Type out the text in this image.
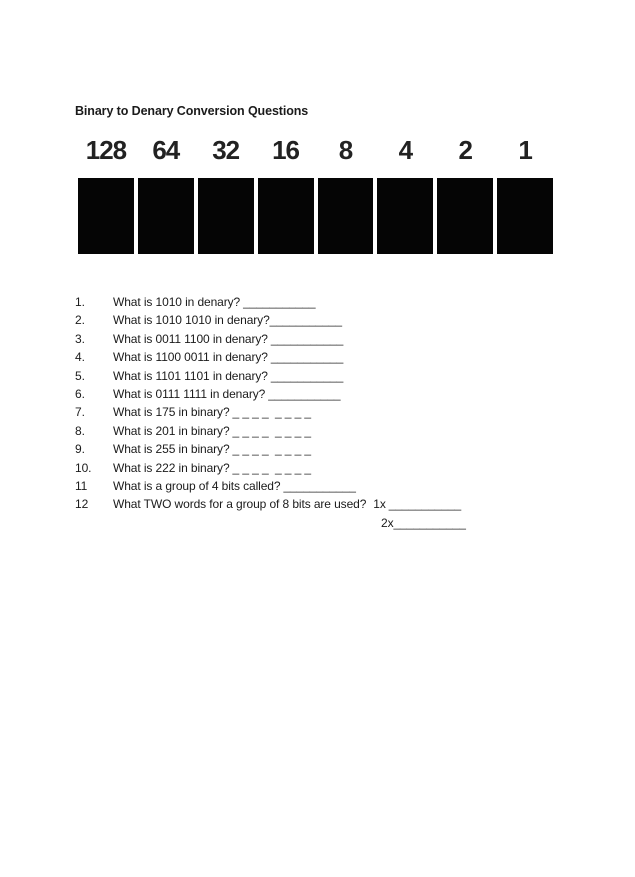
Binary to Denary Conversion Questions
128	64	32	16	8	4	2	1
1.	What is 1010 in denary? ___________
2.	What is 1010 1010 in denary? ___________
3.	What is 0011 1100 in denary? ___________
4.	What is 1100 0011 in denary? ___________
5.	What is 1101 1101 in denary? ___________
6.	What is 0111 1111 in denary? ___________
7.	What is 175 in binary? _ _ _ _  _ _ _ _
8.	What is 201 in binary? _ _ _ _  _ _ _ _
9.	What is 255 in binary? _ _ _ _  _ _ _ _
10.	What is 222 in binary? _ _ _ _  _ _ _ _
11	What is a group of 4 bits called? ___________
12	What TWO words for a group of 8 bits are used? 1x ___________
2x ___________
